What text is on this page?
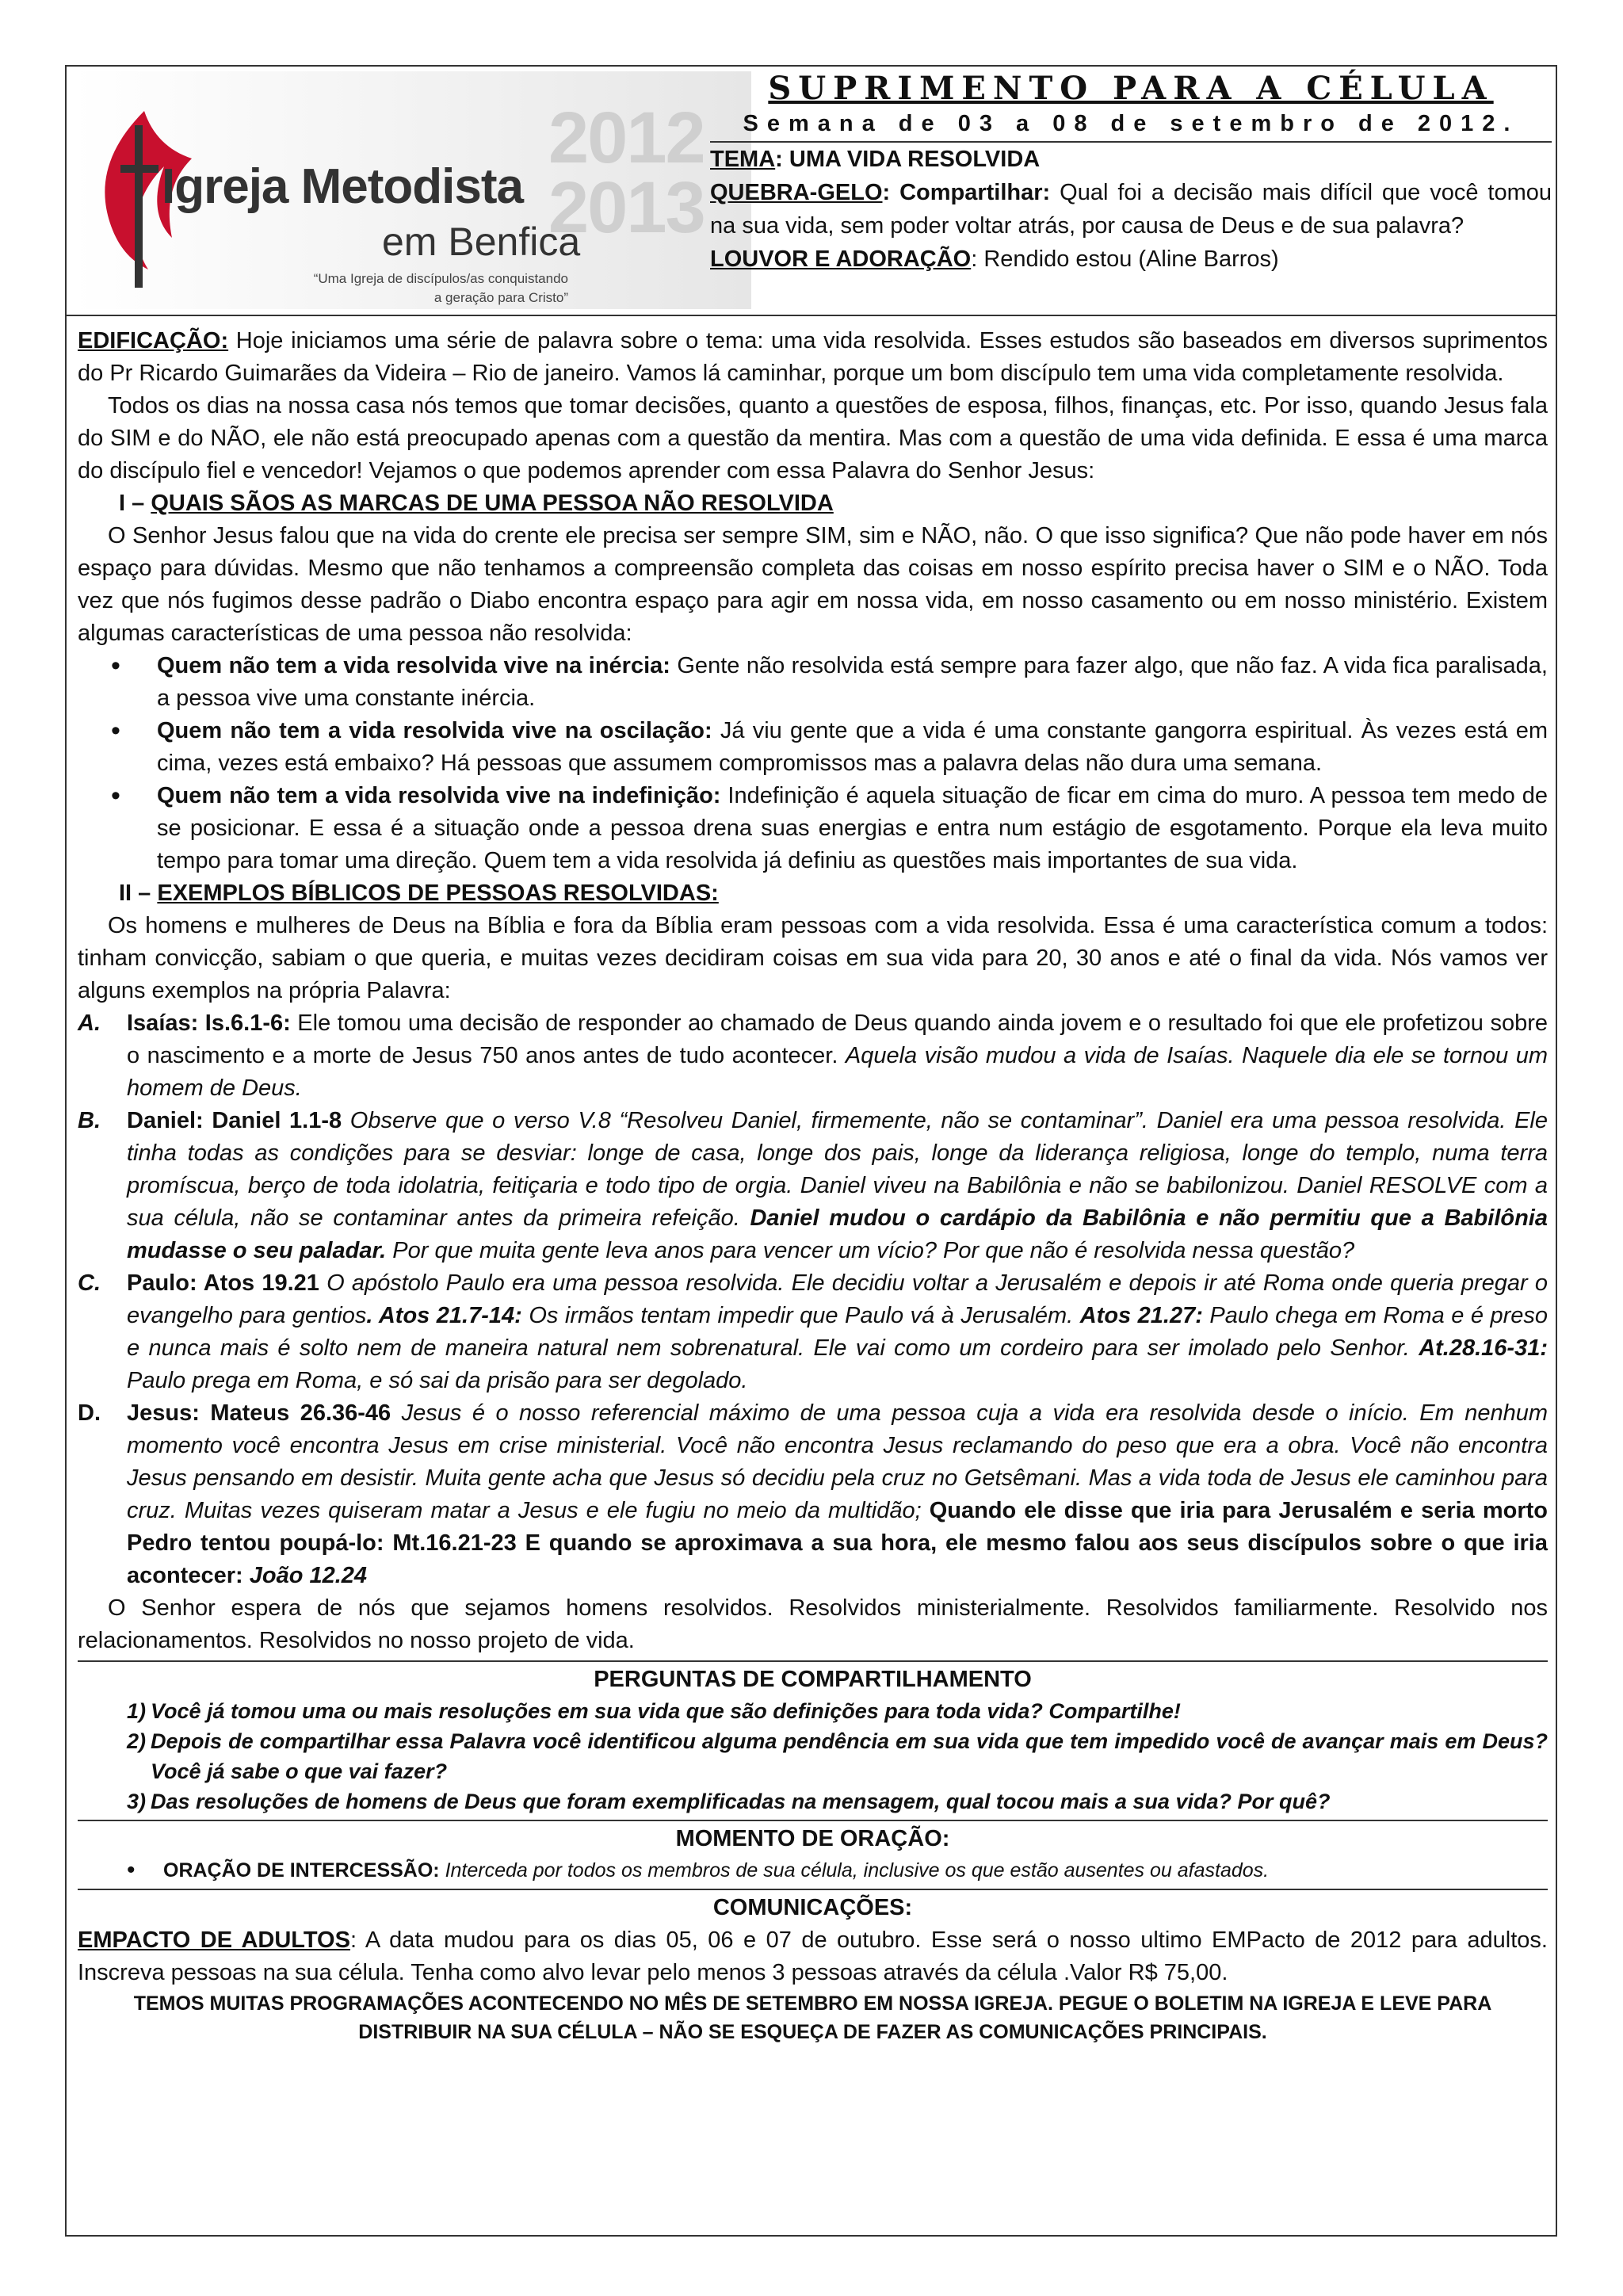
2012 2013
Igreja Metodista
em Benfica
“Uma Igreja de discípulos/as conquistando
a geração para Cristo”
SUPRIMENTO PARA A CÉLULA
Semana de 03 a 08 de setembro de 2012.
TEMA: UMA VIDA RESOLVIDA
QUEBRA-GELO: Compartilhar: Qual foi a decisão mais difícil que você tomou na sua vida, sem poder voltar atrás, por causa de Deus e de sua palavra?
LOUVOR E ADORAÇÃO: Rendido estou (Aline Barros)

EDIFICAÇÃO: Hoje iniciamos uma série de palavra sobre o tema: uma vida resolvida. Esses estudos são baseados em diversos suprimentos do Pr Ricardo Guimarães da Videira – Rio de janeiro. Vamos lá caminhar, porque um bom discípulo tem uma vida completamente resolvida.

Todos os dias na nossa casa nós temos que tomar decisões, quanto a questões de esposa, filhos, finanças, etc. Por isso, quando Jesus fala do SIM e do NÃO, ele não está preocupado apenas com a questão da mentira. Mas com a questão de uma vida definida. E essa é uma marca do discípulo fiel e vencedor! Vejamos o que podemos aprender com essa Palavra do Senhor Jesus:

I – QUAIS SÃOS AS MARCAS DE UMA PESSOA NÃO RESOLVIDA

O Senhor Jesus falou que na vida do crente ele precisa ser sempre SIM, sim e NÃO, não. O que isso significa? Que não pode haver em nós espaço para dúvidas. Mesmo que não tenhamos a compreensão completa das coisas em nosso espírito precisa haver o SIM e o NÃO. Toda vez que nós fugimos desse padrão o Diabo encontra espaço para agir em nossa vida, em nosso casamento ou em nosso ministério. Existem algumas características de uma pessoa não resolvida:

• Quem não tem a vida resolvida vive na inércia: Gente não resolvida está sempre para fazer algo, que não faz. A vida fica paralisada, a pessoa vive uma constante inércia.

• Quem não tem a vida resolvida vive na oscilação: Já viu gente que a vida é uma constante gangorra espiritual. Às vezes está em cima, vezes está embaixo? Há pessoas que assumem compromissos mas a palavra delas não dura uma semana.

• Quem não tem a vida resolvida vive na indefinição: Indefinição é aquela situação de ficar em cima do muro. A pessoa tem medo de se posicionar. E essa é a situação onde a pessoa drena suas energias e entra num estágio de esgotamento. Porque ela leva muito tempo para tomar uma direção. Quem tem a vida resolvida já definiu as questões mais importantes de sua vida.

II – EXEMPLOS BÍBLICOS DE PESSOAS RESOLVIDAS:

Os homens e mulheres de Deus na Bíblia e fora da Bíblia eram pessoas com a vida resolvida. Essa é uma característica comum a todos: tinham convicção, sabiam o que queria, e muitas vezes decidiram coisas em sua vida para 20, 30 anos e até o final da vida. Nós vamos ver alguns exemplos na própria Palavra:

A. Isaías: Is.6.1-6: Ele tomou uma decisão de responder ao chamado de Deus quando ainda jovem e o resultado foi que ele profetizou sobre o nascimento e a morte de Jesus 750 anos antes de tudo acontecer. Aquela visão mudou a vida de Isaías. Naquele dia ele se tornou um homem de Deus.

B. Daniel: Daniel 1.1-8 Observe que o verso V.8 “Resolveu Daniel, firmemente, não se contaminar”. Daniel era uma pessoa resolvida. Ele tinha todas as condições para se desviar: longe de casa, longe dos pais, longe da liderança religiosa, longe do templo, numa terra promíscua, berço de toda idolatria, feitiçaria e todo tipo de orgia. Daniel viveu na Babilônia e não se babilonizou. Daniel RESOLVE com a sua célula, não se contaminar antes da primeira refeição. Daniel mudou o cardápio da Babilônia e não permitiu que a Babilônia mudasse o seu paladar. Por que muita gente leva anos para vencer um vício? Por que não é resolvida nessa questão?

C. Paulo: Atos 19.21 O apóstolo Paulo era uma pessoa resolvida. Ele decidiu voltar a Jerusalém e depois ir até Roma onde queria pregar o evangelho para gentios. Atos 21.7-14: Os irmãos tentam impedir que Paulo vá à Jerusalém. Atos 21.27: Paulo chega em Roma e é preso e nunca mais é solto nem de maneira natural nem sobrenatural. Ele vai como um cordeiro para ser imolado pelo Senhor. At.28.16-31: Paulo prega em Roma, e só sai da prisão para ser degolado.

D. Jesus: Mateus 26.36-46 Jesus é o nosso referencial máximo de uma pessoa cuja a vida era resolvida desde o início. Em nenhum momento você encontra Jesus em crise ministerial. Você não encontra Jesus reclamando do peso que era a obra. Você não encontra Jesus pensando em desistir. Muita gente acha que Jesus só decidiu pela cruz no Getsêmani. Mas a vida toda de Jesus ele caminhou para cruz. Muitas vezes quiseram matar a Jesus e ele fugiu no meio da multidão; Quando ele disse que iria para Jerusalém e seria morto Pedro tentou poupá-lo: Mt.16.21-23 E quando se aproximava a sua hora, ele mesmo falou aos seus discípulos sobre o que iria acontecer: João 12.24

O Senhor espera de nós que sejamos homens resolvidos. Resolvidos ministerialmente. Resolvidos familiarmente. Resolvido nos relacionamentos. Resolvidos no nosso projeto de vida.

PERGUNTAS DE COMPARTILHAMENTO

1) Você já tomou uma ou mais resoluções em sua vida que são definições para toda vida? Compartilhe!

2) Depois de compartilhar essa Palavra você identificou alguma pendência em sua vida que tem impedido você de avançar mais em Deus? Você já sabe o que vai fazer?

3) Das resoluções de homens de Deus que foram exemplificadas na mensagem, qual tocou mais a sua vida? Por quê?

MOMENTO DE ORAÇÃO:

• ORAÇÃO DE INTERCESSÃO: Interceda por todos os membros de sua célula, inclusive os que estão ausentes ou afastados.

COMUNICAÇÕES:

EMPACTO DE ADULTOS: A data mudou para os dias 05, 06 e 07 de outubro. Esse será o nosso ultimo EMPacto de 2012 para adultos. Inscreva pessoas na sua célula. Tenha como alvo levar pelo menos 3 pessoas através da célula .Valor R$ 75,00.

TEMOS MUITAS PROGRAMAÇÕES ACONTECENDO NO MÊS DE SETEMBRO EM NOSSA IGREJA. PEGUE O BOLETIM NA IGREJA E LEVE PARA DISTRIBUIR NA SUA CÉLULA – NÃO SE ESQUEÇA DE FAZER AS COMUNICAÇÕES PRINCIPAIS.
